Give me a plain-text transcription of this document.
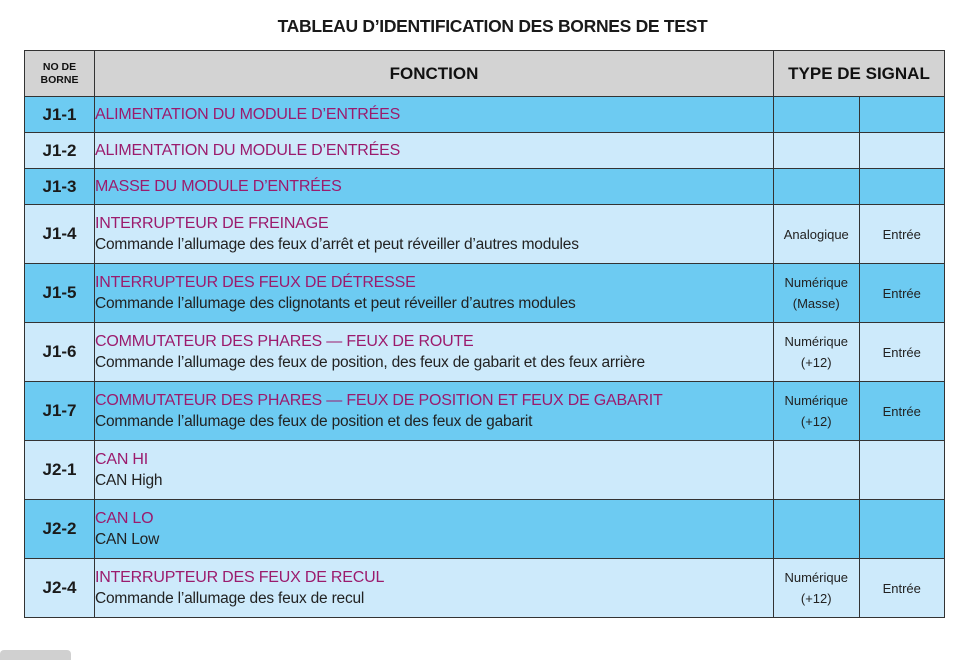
TABLEAU D’IDENTIFICATION DES BORNES DE TEST
NO DE
BORNE	FONCTION	TYPE DE SIGNAL	
J1-1	ALIMENTATION DU MODULE D’ENTRÉES		

J1-2	ALIMENTATION DU MODULE D’ENTRÉES		

J1-3	MASSE DU MODULE D’ENTRÉES		

J1-4	INTERRUPTEUR DE FREINAGE
Commande l’allumage des feux d’arrêt et peut réveiller d’autres modules	Analogique	Entrée
J1-5	INTERRUPTEUR DES FEUX DE DÉTRESSE
Commande l’allumage des clignotants et peut réveiller d’autres modules	Numérique
(Masse)	Entrée
J1-6	COMMUTATEUR DES PHARES — FEUX DE ROUTE
Commande l’allumage des feux de position, des feux de gabarit et des feux arrière	Numérique
(+12)	Entrée
J1-7	COMMUTATEUR DES PHARES — FEUX DE POSITION ET FEUX DE GABARIT
Commande l’allumage des feux de position et des feux de gabarit	Numérique
(+12)	Entrée
J2-1	CAN HI
CAN High		

J2-2	CAN LO
CAN Low		

J2-4	INTERRUPTEUR DES FEUX DE RECUL
Commande l’allumage des feux de recul	Numérique
(+12)	Entrée
